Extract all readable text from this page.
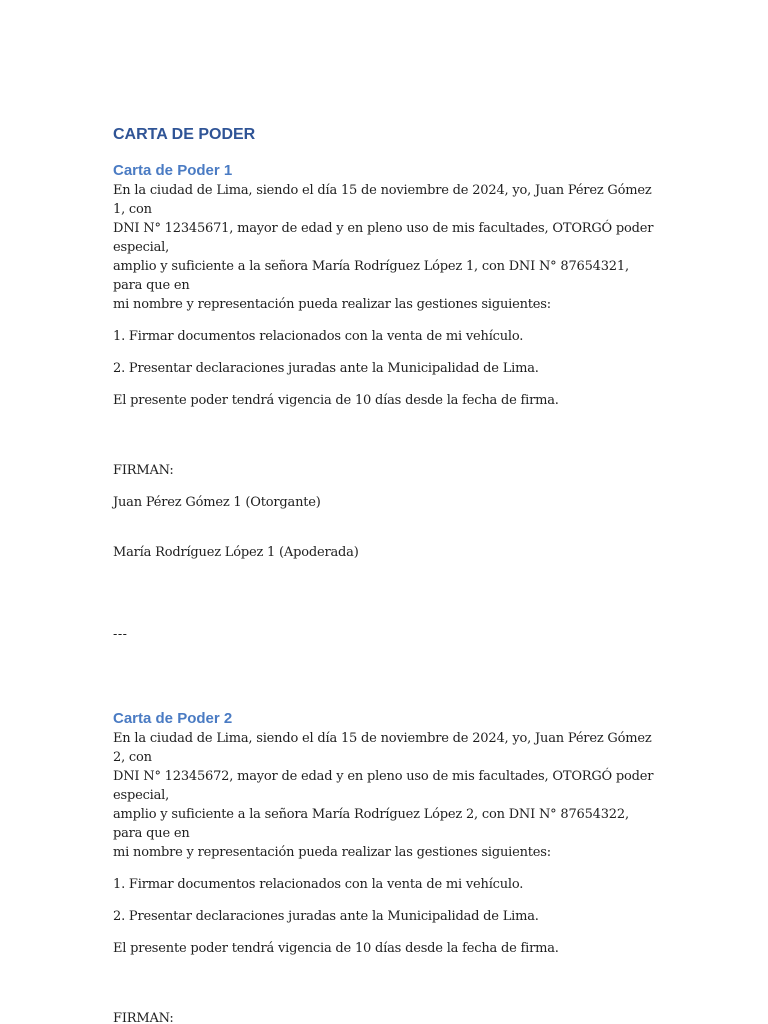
CARTA DE PODER
Carta de Poder 1

En la ciudad de Lima, siendo el día 15 de noviembre de 2024, yo, Juan Pérez Gómez 1, con

DNI N° 12345671, mayor de edad y en pleno uso de mis facultades, OTORGÓ poder especial,

amplio y suficiente a la señora María Rodríguez López 1, con DNI N° 87654321, para que en

mi nombre y representación pueda realizar las gestiones siguientes:

1. Firmar documentos relacionados con la venta de mi vehículo.

2. Presentar declaraciones juradas ante la Municipalidad de Lima.

El presente poder tendrá vigencia de 10 días desde la fecha de firma.

FIRMAN:

Juan Pérez Gómez 1 (Otorgante)

María Rodríguez López 1 (Apoderada)

---

Carta de Poder 2

En la ciudad de Lima, siendo el día 15 de noviembre de 2024, yo, Juan Pérez Gómez 2, con

DNI N° 12345672, mayor de edad y en pleno uso de mis facultades, OTORGÓ poder especial,

amplio y suficiente a la señora María Rodríguez López 2, con DNI N° 87654322, para que en

mi nombre y representación pueda realizar las gestiones siguientes:

1. Firmar documentos relacionados con la venta de mi vehículo.

2. Presentar declaraciones juradas ante la Municipalidad de Lima.

El presente poder tendrá vigencia de 10 días desde la fecha de firma.

FIRMAN:
